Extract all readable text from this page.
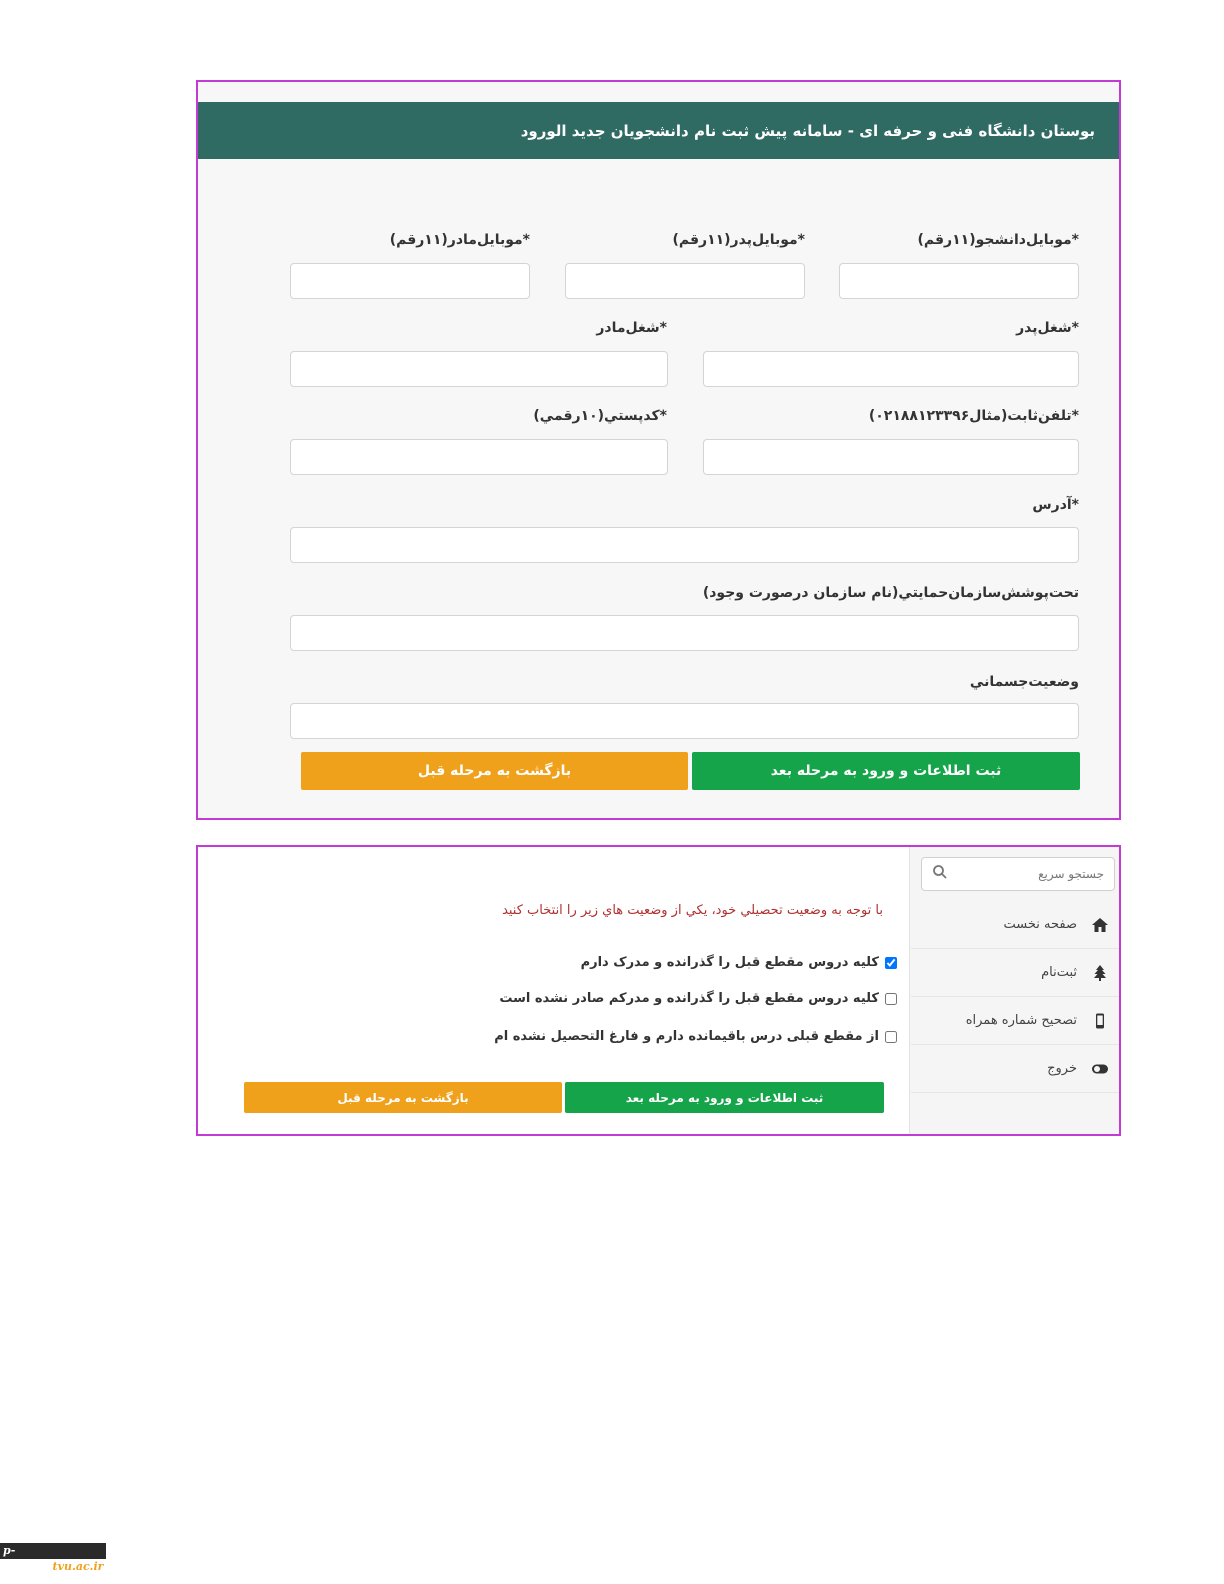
بوستان دانشگاه فنی و حرفه ای - سامانه پیش ثبت نام دانشجویان جدید الورود
*موبایل‌دانشجو(۱۱رقم)
*موبایل‌پدر(۱۱رقم)
*موبایل‌مادر(۱۱رقم)
*شغل‌پدر
*شغل‌مادر
*تلفن‌ثابت(مثال۰۲۱۸۸۱۲۳۳۹۶)
*کدپستي(۱۰رقمي)
*آدرس
تحت‌پوشش‌سازمان‌حمايتي(نام سازمان درصورت وجود)
وضعيت‌جسماني
ثبت اطلاعات و ورود به مرحله بعد
بازگشت به مرحله قبل
جستجو سريع
صفحه نخست
ثبت‌نام
تصحيح شماره همراه
خروج
با توجه به وضعيت تحصيلي خود، يكي از وضعيت هاي زير را انتخاب كنيد
کلیه دروس مقطع قبل را گذرانده و مدرک دارم
کلیه دروس مقطع قبل را گذرانده و مدرکم صادر نشده است
از مقطع قبلی درس باقیمانده دارم و فارغ التحصیل نشده ام
ثبت اطلاعات و ورود به مرحله بعد
بازگشت به مرحله قبل
p-shirvan.tvu.ac.ir
